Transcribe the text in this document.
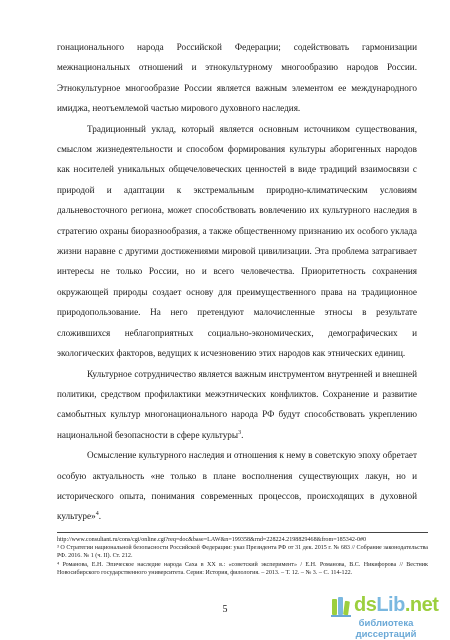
гонационального народа Российской Федерации; содействовать гармонизации межнациональных отношений и этнокультурному многообразию народов России. Этнокультурное многообразие России является важным элементом ее международного имиджа, неотъемлемой частью мирового духовного наследия.

Традиционный уклад, который является основным источником существования, смыслом жизнедеятельности и способом формирования культуры аборигенных народов как носителей уникальных общечеловеческих ценностей в виде традиций взаимосвязи с природой и адаптации к экстремальным природно-климатическим условиям дальневосточного региона, может способствовать вовлечению их культурного наследия в стратегию охраны биоразнообразия, а также общественному признанию их особого уклада жизни наравне с другими достижениями мировой цивилизации. Эта проблема затрагивает интересы не только России, но и всего человечества. Приоритетность сохранения окружающей природы создает основу для преимущественного права на традиционное природопользование. На него претендуют малочисленные этносы в результате сложившихся неблагоприятных социально-экономических, демографических и экологических факторов, ведущих к исчезновению этих народов как этнических единиц.

Культурное сотрудничество является важным инструментом внутренней и внешней политики, средством профилактики межэтнических конфликтов. Сохранение и развитие самобытных культур многонационального народа РФ будут способствовать укреплению национальной безопасности в сфере культуры$^3$.

Осмысление культурного наследия и отношения к нему в советскую эпоху обретает особую актуальность «не только в плане восполнения существующих лакун, но и исторического опыта, понимания современных процессов, происходящих в духовной культуре»$^4$.

http://www.consultant.ru/cons/cgi/online.cgi?req=doc&base=LAW&n=199358&rnd=228224.2198829468&from=185342-0#0

³ О Стратегии национальной безопасности Российской Федерации: указ Президента РФ от 31 дек. 2015 г. № 683 // Собрание законодательства РФ. 2016. № 1 (ч. II). Ст. 212.

⁴ Романова, Е.Н. Эпическое наследие народа Саха в ХХ в.: «советский эксперимент» / Е.Н. Романова, В.С. Никифорова // Вестник Новосибирского государственного университета. Серия: История, филология. – 2013. – Т. 12. – № 3. – С. 114-122.

5	dsLib.net
библиотека диссертаций
